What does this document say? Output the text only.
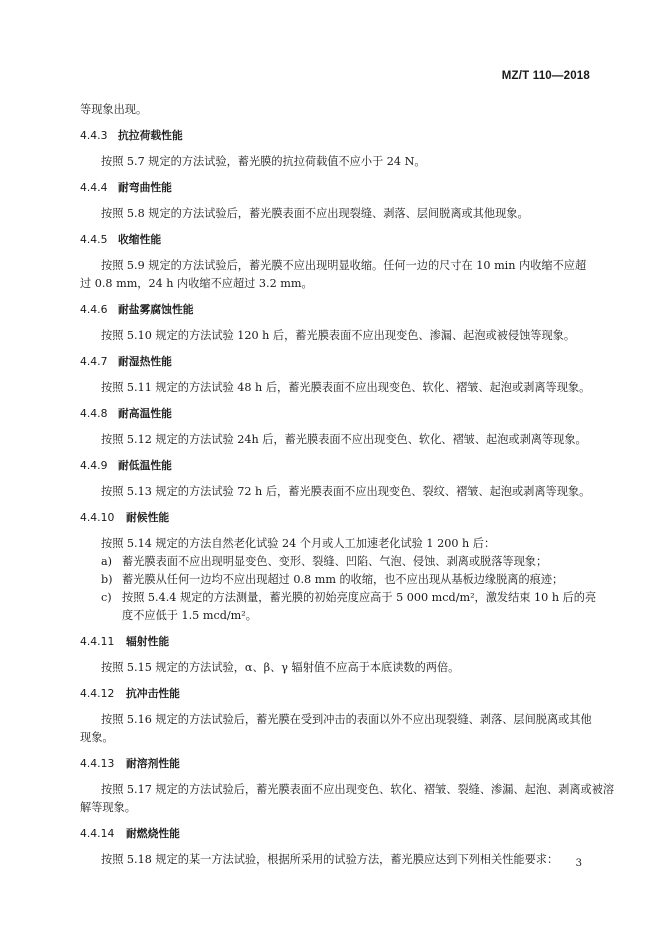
MZ/T 110—2018
等现象出现。
4.4.3 抗拉荷载性能
按照 5.7 规定的方法试验，蓄光膜的抗拉荷载值不应小于 24 N。
4.4.4 耐弯曲性能
按照 5.8 规定的方法试验后，蓄光膜表面不应出现裂缝、剥落、层间脱离或其他现象。
4.4.5 收缩性能
按照 5.9 规定的方法试验后，蓄光膜不应出现明显收缩。任何一边的尺寸在 10 min 内收缩不应超
过 0.8 mm，24 h 内收缩不应超过 3.2 mm。
4.4.6 耐盐雾腐蚀性能
按照 5.10 规定的方法试验 120 h 后，蓄光膜表面不应出现变色、渗漏、起泡或被侵蚀等现象。
4.4.7 耐湿热性能
按照 5.11 规定的方法试验 48 h 后，蓄光膜表面不应出现变色、软化、褶皱、起泡或剥离等现象。
4.4.8 耐高温性能
按照 5.12 规定的方法试验 24h 后，蓄光膜表面不应出现变色、软化、褶皱、起泡或剥离等现象。
4.4.9 耐低温性能
按照 5.13 规定的方法试验 72 h 后，蓄光膜表面不应出现变色、裂纹、褶皱、起泡或剥离等现象。
4.4.10 耐候性能
按照 5.14 规定的方法自然老化试验 24 个月或人工加速老化试验 1 200 h 后：
a) 蓄光膜表面不应出现明显变色、变形、裂缝、凹陷、气泡、侵蚀、剥离或脱落等现象；
b) 蓄光膜从任何一边均不应出现超过 0.8 mm 的收缩，也不应出现从基板边缘脱离的痕迹；
c) 按照 5.4.4 规定的方法测量，蓄光膜的初始亮度应高于 5 000 mcd/m²，激发结束 10 h 后的亮
度不应低于 1.5 mcd/m²。
4.4.11 辐射性能
按照 5.15 规定的方法试验，α、β、γ 辐射值不应高于本底读数的两倍。
4.4.12 抗冲击性能
按照 5.16 规定的方法试验后，蓄光膜在受到冲击的表面以外不应出现裂缝、剥落、层间脱离或其他
现象。
4.4.13 耐溶剂性能
按照 5.17 规定的方法试验后，蓄光膜表面不应出现变色、软化、褶皱、裂缝、渗漏、起泡、剥离或被溶
解等现象。
4.4.14 耐燃烧性能
按照 5.18 规定的某一方法试验，根据所采用的试验方法，蓄光膜应达到下列相关性能要求： 3
